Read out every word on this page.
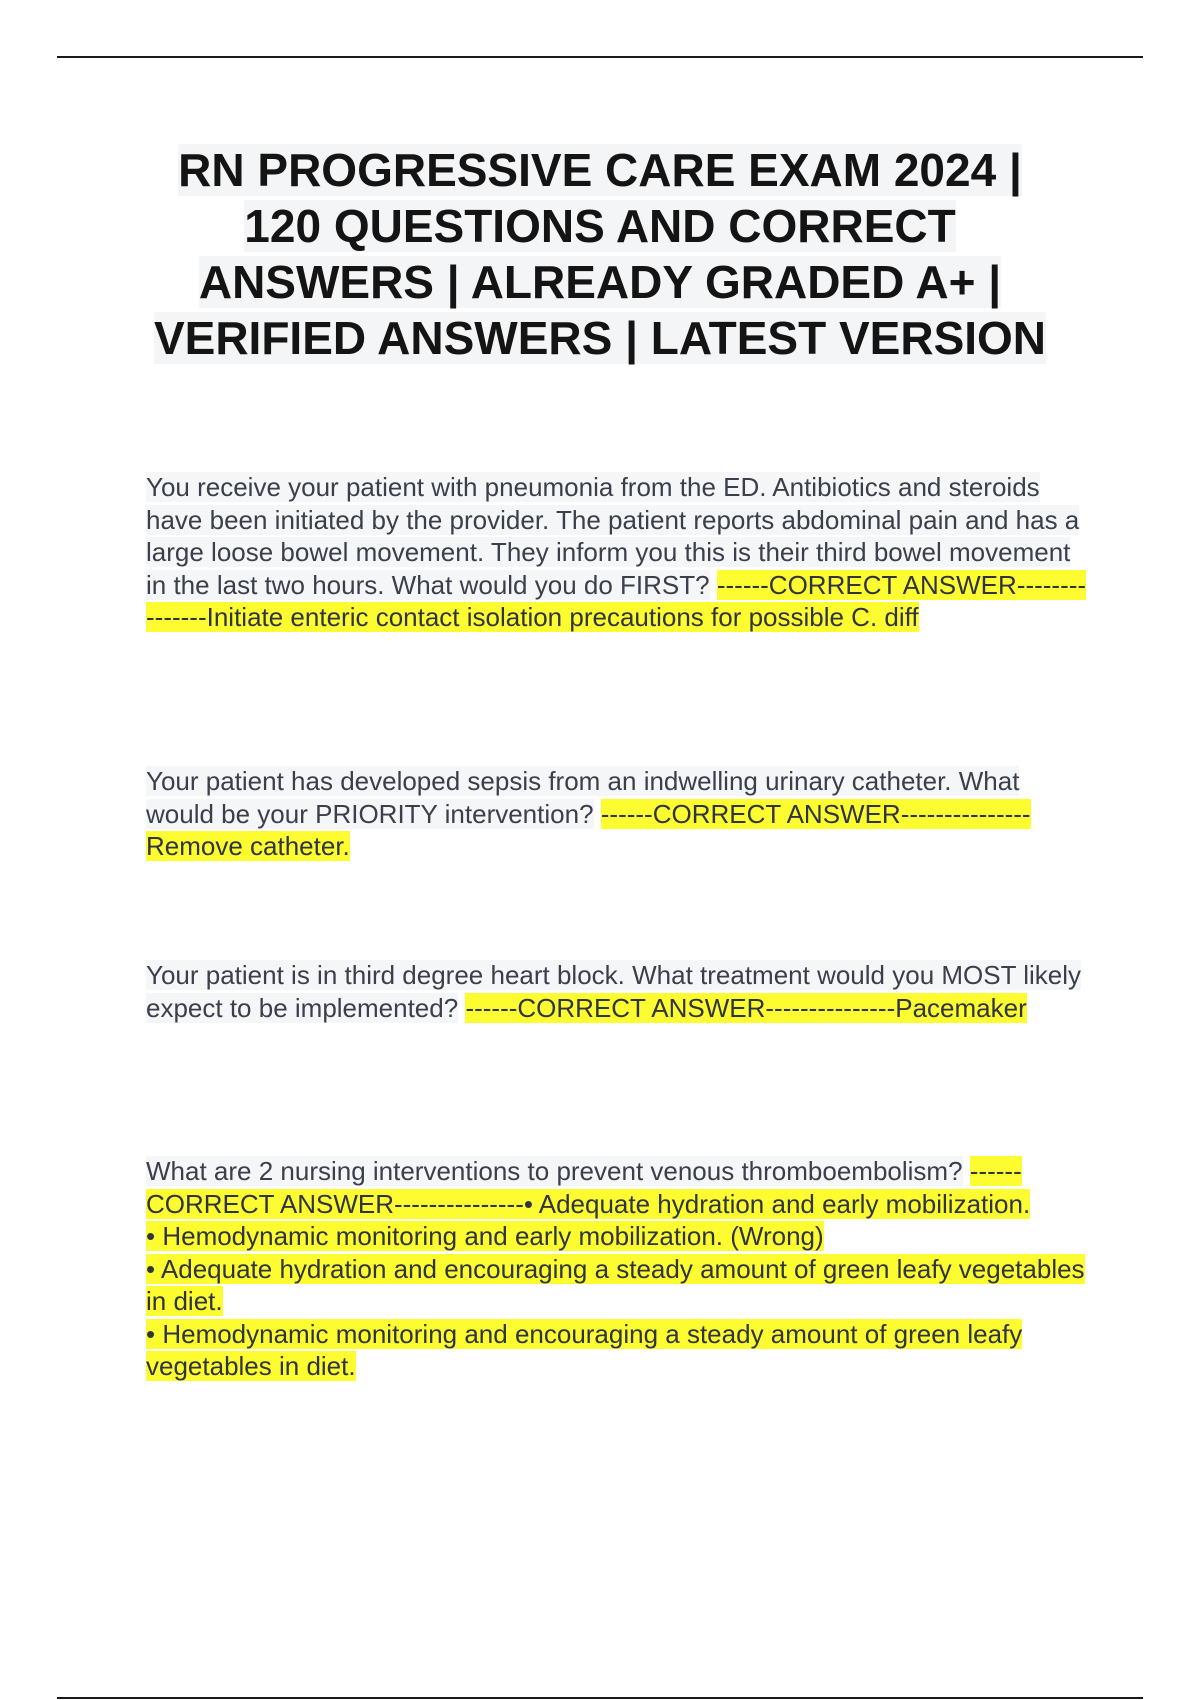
RN PROGRESSIVE CARE EXAM 2024 | 120 QUESTIONS AND CORRECT ANSWERS | ALREADY GRADED A+ | VERIFIED ANSWERS | LATEST VERSION

You receive your patient with pneumonia from the ED. Antibiotics and steroids have been initiated by the provider. The patient reports abdominal pain and has a large loose bowel movement. They inform you this is their third bowel movement in the last two hours. What would you do FIRST? ------CORRECT ANSWER---------------Initiate enteric contact isolation precautions for possible C. diff

Your patient has developed sepsis from an indwelling urinary catheter. What would be your PRIORITY intervention? ------CORRECT ANSWER---------------Remove catheter.

Your patient is in third degree heart block. What treatment would you MOST likely expect to be implemented? ------CORRECT ANSWER---------------Pacemaker

What are 2 nursing interventions to prevent venous thromboembolism? ------CORRECT ANSWER---------------• Adequate hydration and early mobilization.
• Hemodynamic monitoring and early mobilization. (Wrong)
• Adequate hydration and encouraging a steady amount of green leafy vegetables in diet.
• Hemodynamic monitoring and encouraging a steady amount of green leafy vegetables in diet.
